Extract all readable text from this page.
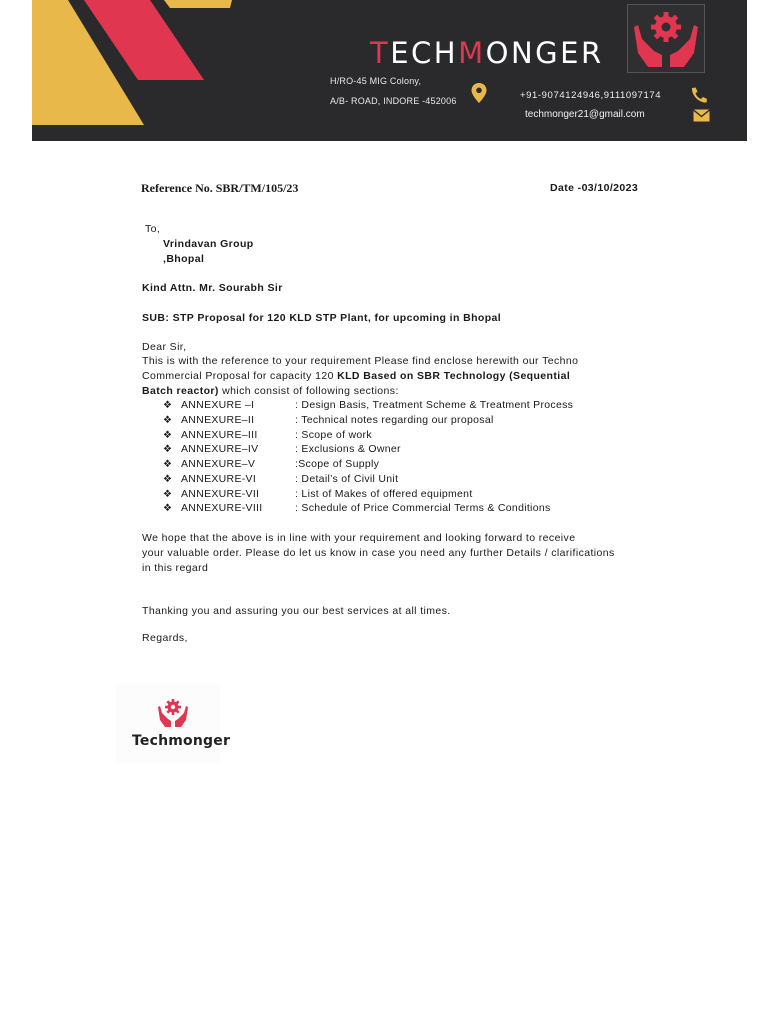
TECHMONGER
H/RO-45 MIG Colony,
A/B- ROAD, INDORE -452006	+91-9074124946,9111097174
techmonger21@gmail.com
Reference No. SBR/TM/105/23	Date -03/10/2023
To,
Vrindavan Group
,Bhopal
Kind Attn. Mr. Sourabh Sir
SUB: STP Proposal for 120 KLD STP Plant, for upcoming in Bhopal
Dear Sir,
This is with the reference to your requirement Please find enclose herewith our Techno
Commercial Proposal for capacity 120 KLD Based on SBR Technology (Sequential
Batch reactor) which consist of following sections:
❖ ANNEXURE –I	: Design Basis, Treatment Scheme & Treatment Process
❖ ANNEXURE–II	: Technical notes regarding our proposal
❖ ANNEXURE–III	: Scope of work
❖ ANNEXURE–IV	: Exclusions & Owner
❖ ANNEXURE–V	:Scope of Supply
❖ ANNEXURE-VI	: Detail’s of Civil Unit
❖ ANNEXURE-VII	: List of Makes of offered equipment
❖ ANNEXURE-VIII	: Schedule of Price Commercial Terms & Conditions
We hope that the above is in line with your requirement and looking forward to receive
your valuable order. Please do let us know in case you need any further Details / clarifications
in this regard
Thanking you and assuring you our best services at all times.
Regards,
Techmonger
